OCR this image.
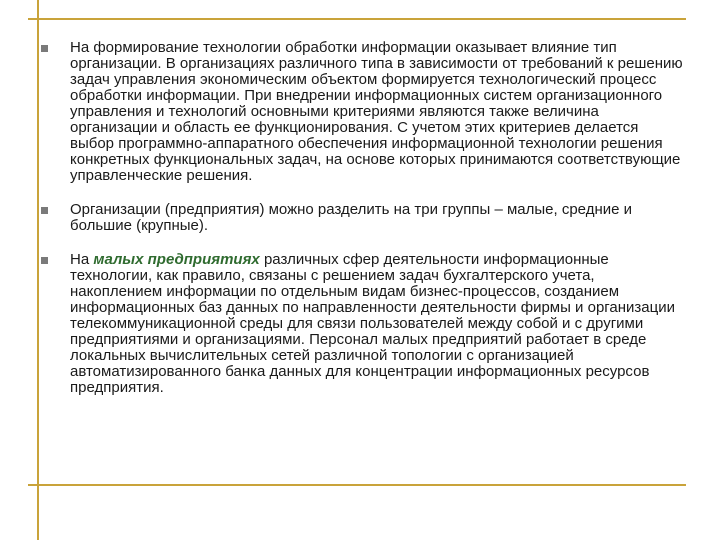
На формирование технологии обработки информации оказывает влияние тип организации. В организациях различного типа в зависимости от требований к решению задач управления экономическим объектом формируется технологический процесс обработки информации. При внедрении информационных систем организационного управления и технологий основными критериями являются также величина организации и область ее функционирования. С учетом этих критериев делается выбор программно-аппаратного обеспечения информационной технологии решения конкретных функциональных задач, на основе которых принимаются соответствующие управленческие решения.
Организации (предприятия) можно разделить на три группы – малые, средние и большие (крупные).
На малых предприятиях различных сфер деятельности информационные технологии, как правило, связаны с решением задач бухгалтерского учета, накоплением информации по отдельным видам бизнес-процессов, созданием информационных баз данных по направленности деятельности фирмы и организации телекоммуникационной среды для связи пользователей между собой и с другими предприятиями и организациями. Персонал малых предприятий работает в среде локальных вычислительных сетей различной топологии с организацией автоматизированного банка данных для концентрации информационных ресурсов предприятия.
